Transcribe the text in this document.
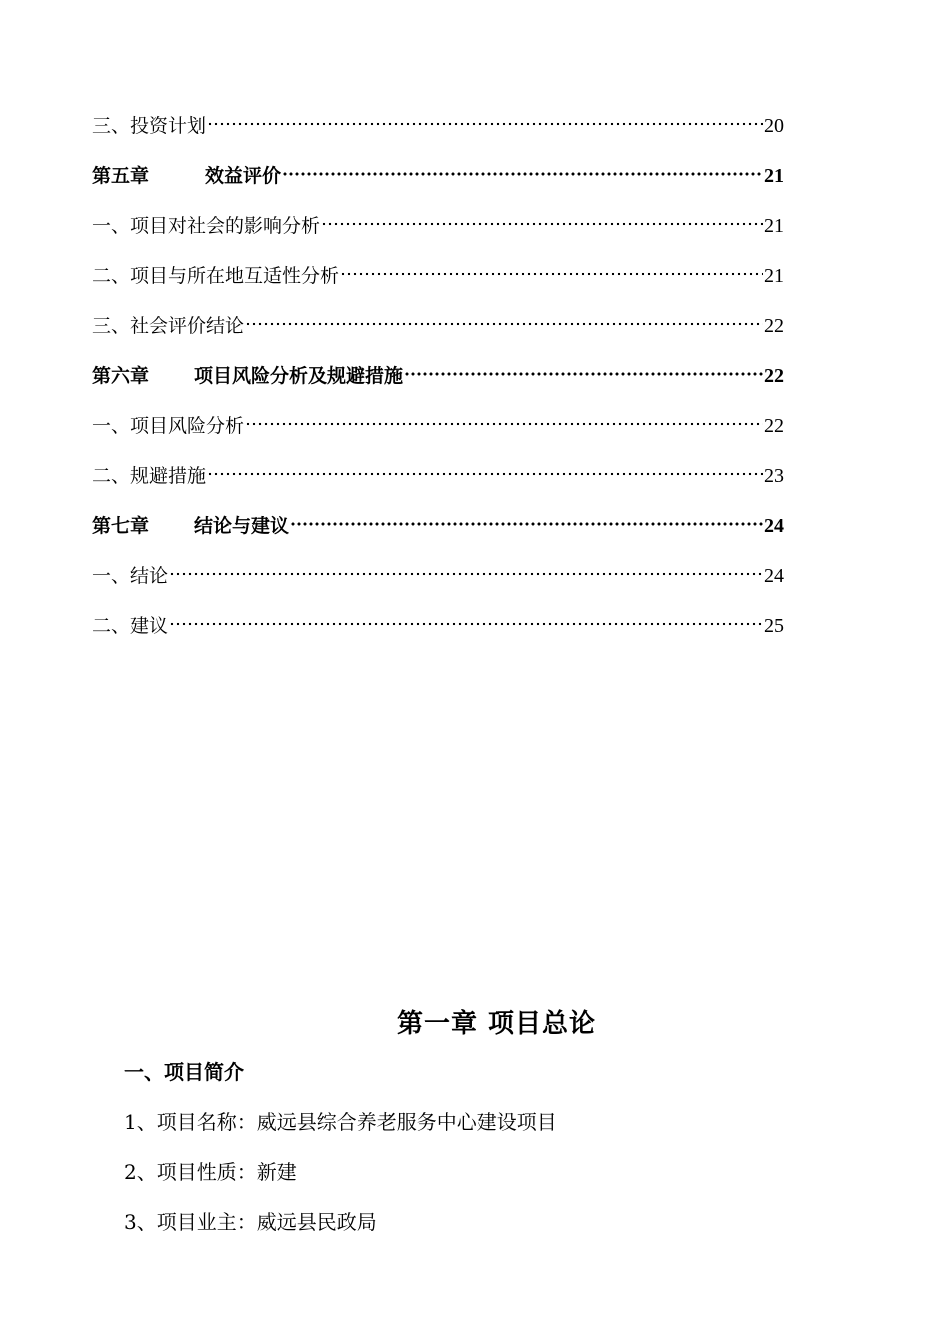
三、 投资计划	20
第五章	效益评价	21
一、 项目对社会的影响分析	21
二、 项目与所在地互适性分析	21
三、 社会评价结论	22
第六章 项目风险分析及规避措施	22
一、 项目风险分析	22
二、 规避措施	23
第七章 结论与建议	24
一、 结论	24
二、 建议	25
第一章 项目总论
一、项目简介
1、项目名称：威远县综合养老服务中心建设项目
2、项目性质：新建
3、项目业主：威远县民政局
